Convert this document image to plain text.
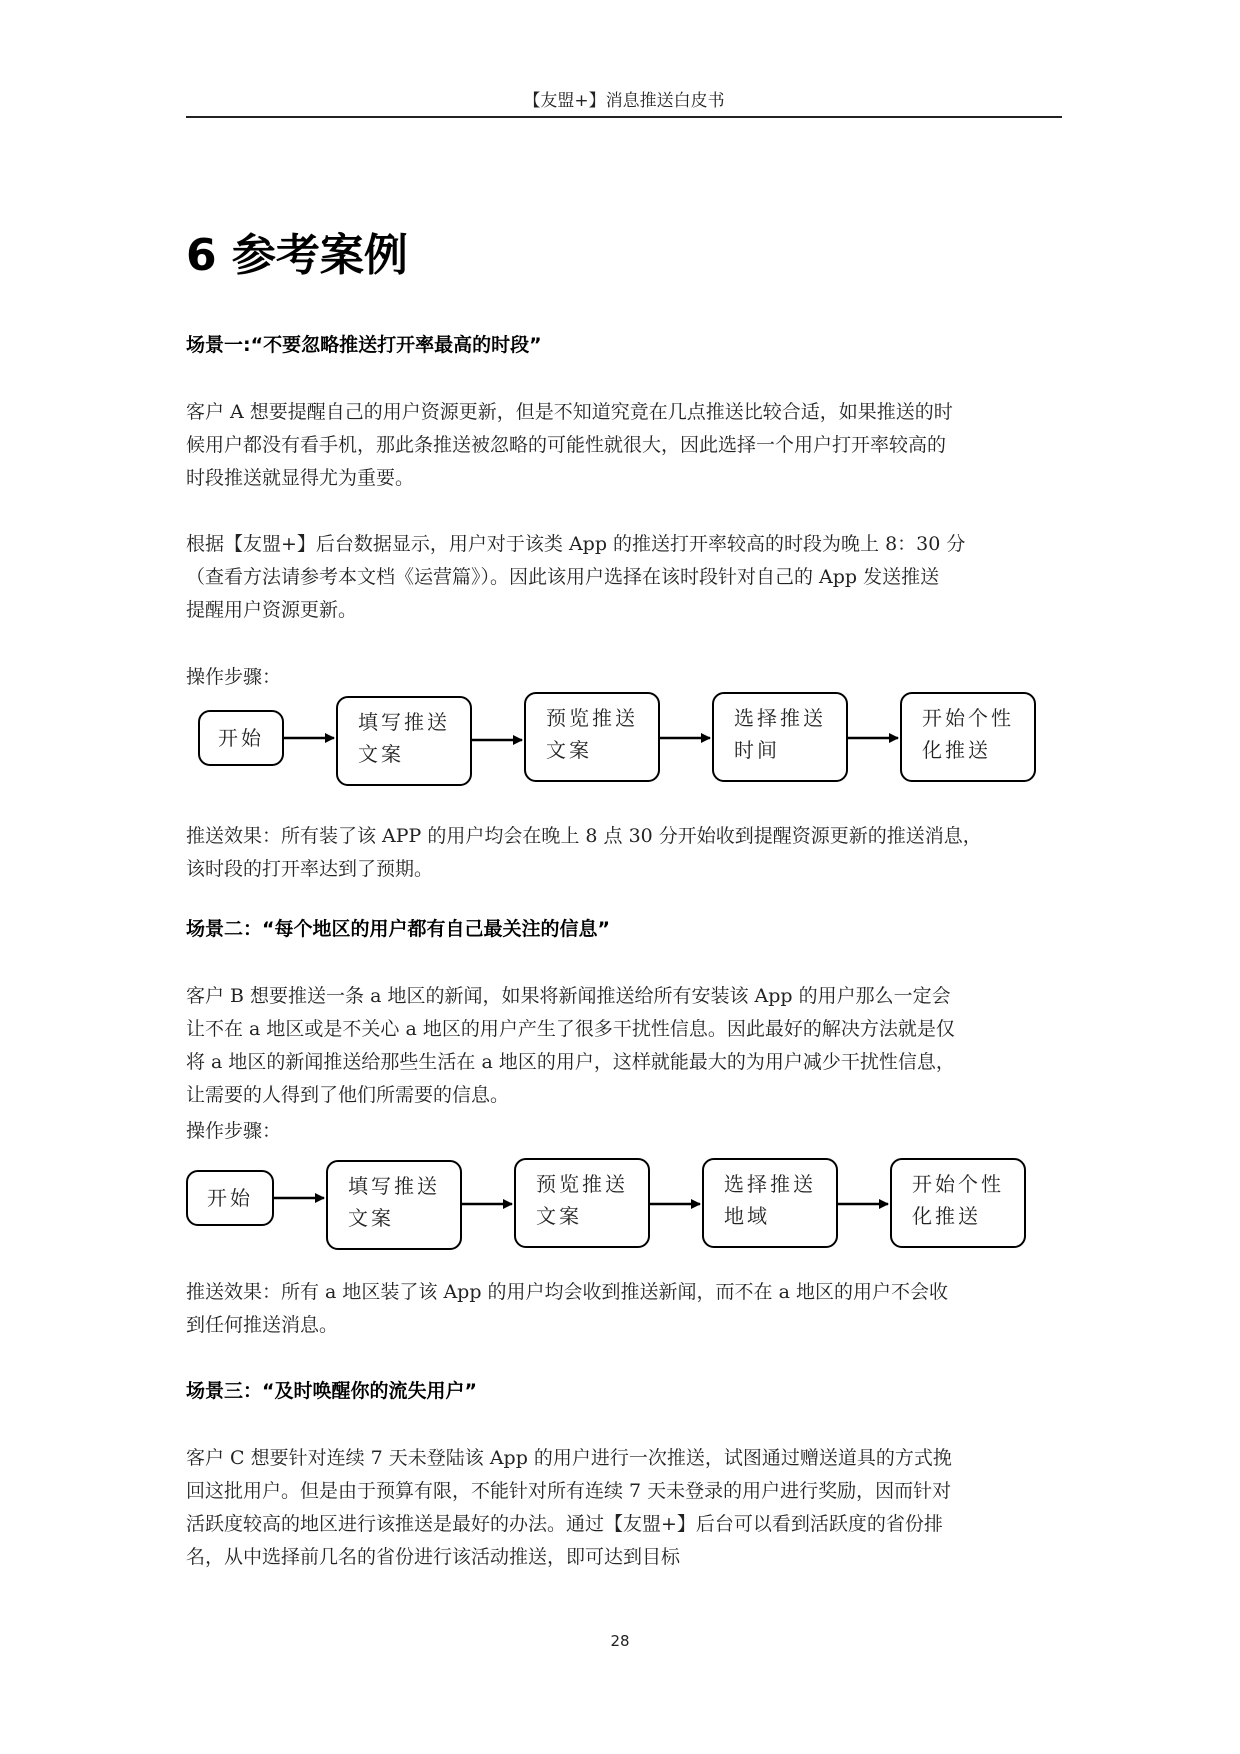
【友盟+】消息推送白皮书
6 参考案例
场景一:“不要忽略推送打开率最高的时段”
客户 A 想要提醒自己的用户资源更新，但是不知道究竟在几点推送比较合适，如果推送的时
候用户都没有看手机，那此条推送被忽略的可能性就很大，因此选择一个用户打开率较高的
时段推送就显得尤为重要。
根据【友盟+】后台数据显示，用户对于该类 App 的推送打开率较高的时段为晚上 8：30 分
（查看方法请参考本文档《运营篇》）。因此该用户选择在该时段针对自己的 App 发送推送
提醒用户资源更新。
操作步骤：
开始
填写推送
文案
预览推送
文案
选择推送
时间
开始个性
化推送
推送效果：所有装了该 APP 的用户均会在晚上 8 点 30 分开始收到提醒资源更新的推送消息，
该时段的打开率达到了预期。
场景二：“每个地区的用户都有自己最关注的信息”
客户 B 想要推送一条 a 地区的新闻，如果将新闻推送给所有安装该 App 的用户那么一定会
让不在 a 地区或是不关心 a 地区的用户产生了很多干扰性信息。因此最好的解决方法就是仅
将 a 地区的新闻推送给那些生活在 a 地区的用户，这样就能最大的为用户减少干扰性信息，
让需要的人得到了他们所需要的信息。
操作步骤：
开始	填写推送
文案
预览推送
文案
选择推送
地域
开始个性
化推送
推送效果：所有 a 地区装了该 App 的用户均会收到推送新闻，而不在 a 地区的用户不会收
到任何推送消息。
场景三：“及时唤醒你的流失用户”
客户 C 想要针对连续 7 天未登陆该 App 的用户进行一次推送，试图通过赠送道具的方式挽
回这批用户。但是由于预算有限，不能针对所有连续 7 天未登录的用户进行奖励，因而针对
活跃度较高的地区进行该推送是最好的办法。通过【友盟+】后台可以看到活跃度的省份排
名，从中选择前几名的省份进行该活动推送，即可达到目标
28
